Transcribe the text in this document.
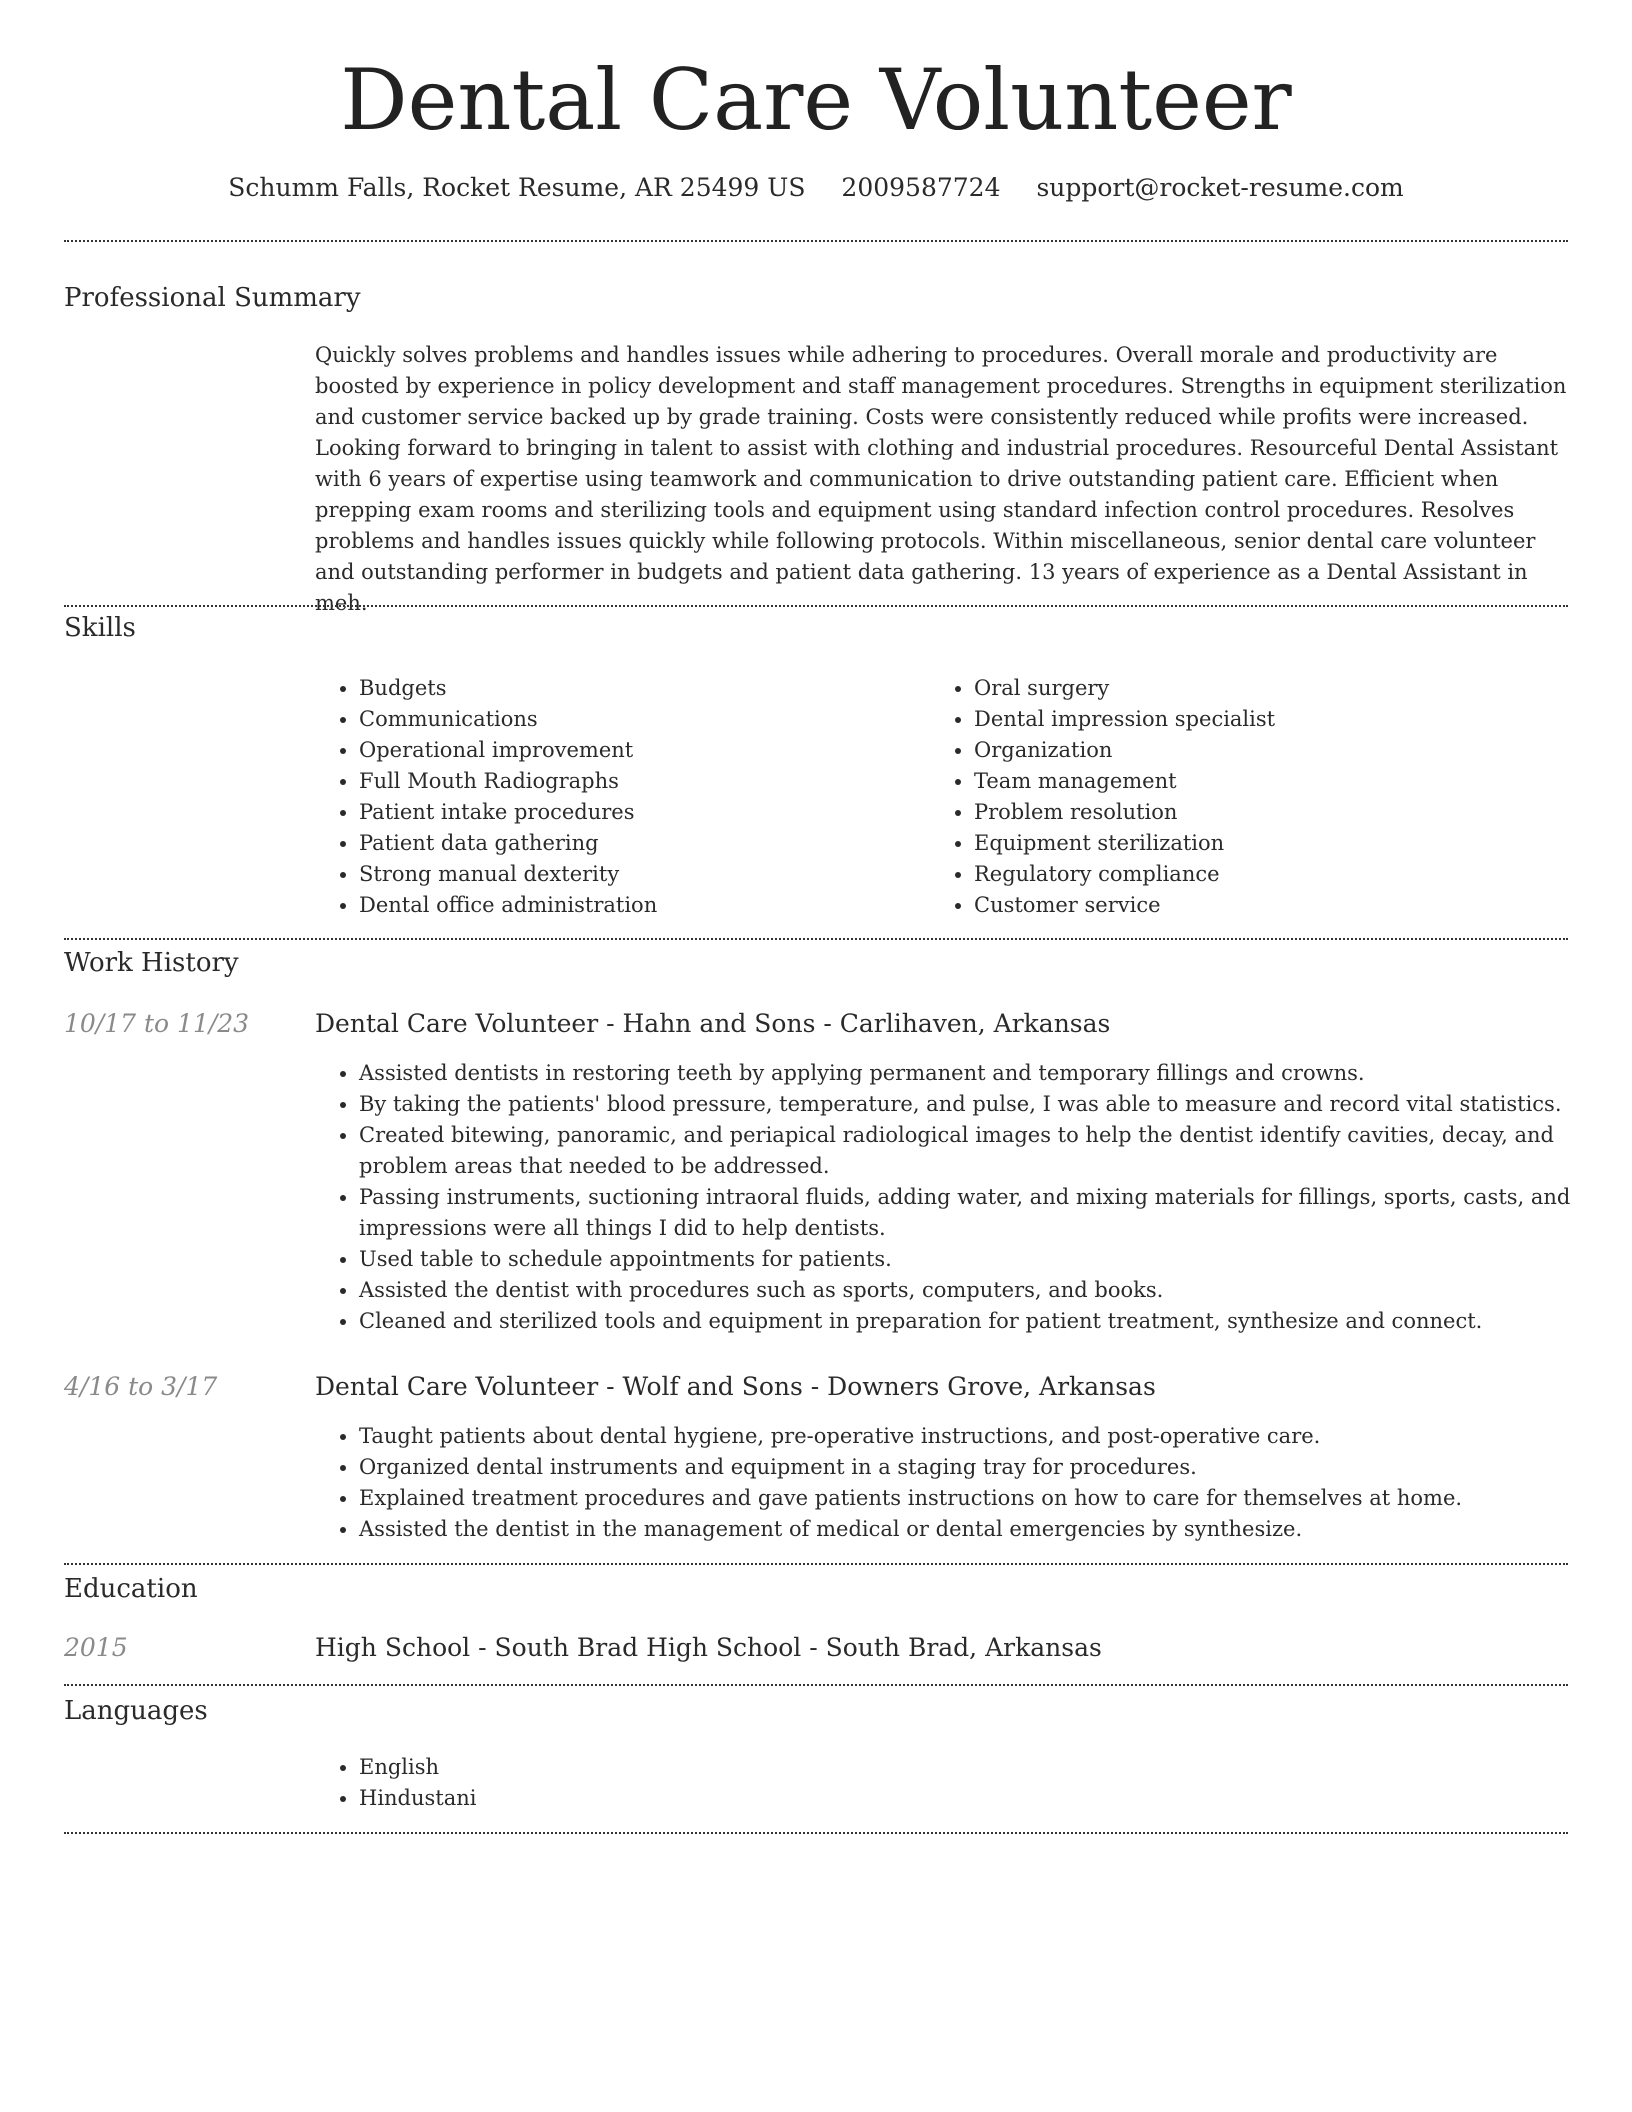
Dental Care Volunteer
Schumm Falls, Rocket Resume, AR 25499 US 2009587724 support@rocket-resume.com
Professional Summary
Quickly solves problems and handles issues while adhering to procedures. Overall morale and productivity are boosted by experience in policy development and staff management procedures. Strengths in equipment sterilization and customer service backed up by grade training. Costs were consistently reduced while profits were increased. Looking forward to bringing in talent to assist with clothing and industrial procedures. Resourceful Dental Assistant with 6 years of expertise using teamwork and communication to drive outstanding patient care. Efficient when prepping exam rooms and sterilizing tools and equipment using standard infection control procedures. Resolves problems and handles issues quickly while following protocols. Within miscellaneous, senior dental care volunteer and outstanding performer in budgets and patient data gathering. 13 years of experience as a Dental Assistant in meh.
Skills
• Budgets
• Communications
• Operational improvement
• Full Mouth Radiographs
• Patient intake procedures
• Patient data gathering
• Strong manual dexterity
• Dental office administration
• Oral surgery
• Dental impression specialist
• Organization
• Team management
• Problem resolution
• Equipment sterilization
• Regulatory compliance
• Customer service
Work History
10/17 to 11/23	Dental Care Volunteer - Hahn and Sons - Carlihaven, Arkansas
• Assisted dentists in restoring teeth by applying permanent and temporary fillings and crowns.
• By taking the patients' blood pressure, temperature, and pulse, I was able to measure and record vital statistics.
• Created bitewing, panoramic, and periapical radiological images to help the dentist identify cavities, decay, and problem areas that needed to be addressed.
• Passing instruments, suctioning intraoral fluids, adding water, and mixing materials for fillings, sports, casts, and impressions were all things I did to help dentists.
• Used table to schedule appointments for patients.
• Assisted the dentist with procedures such as sports, computers, and books.
• Cleaned and sterilized tools and equipment in preparation for patient treatment, synthesize and connect.
4/16 to 3/17	Dental Care Volunteer - Wolf and Sons - Downers Grove, Arkansas
• Taught patients about dental hygiene, pre-operative instructions, and post-operative care.
• Organized dental instruments and equipment in a staging tray for procedures.
• Explained treatment procedures and gave patients instructions on how to care for themselves at home.
• Assisted the dentist in the management of medical or dental emergencies by synthesize.
Education
2015	High School - South Brad High School - South Brad, Arkansas
Languages
• English
• Hindustani
